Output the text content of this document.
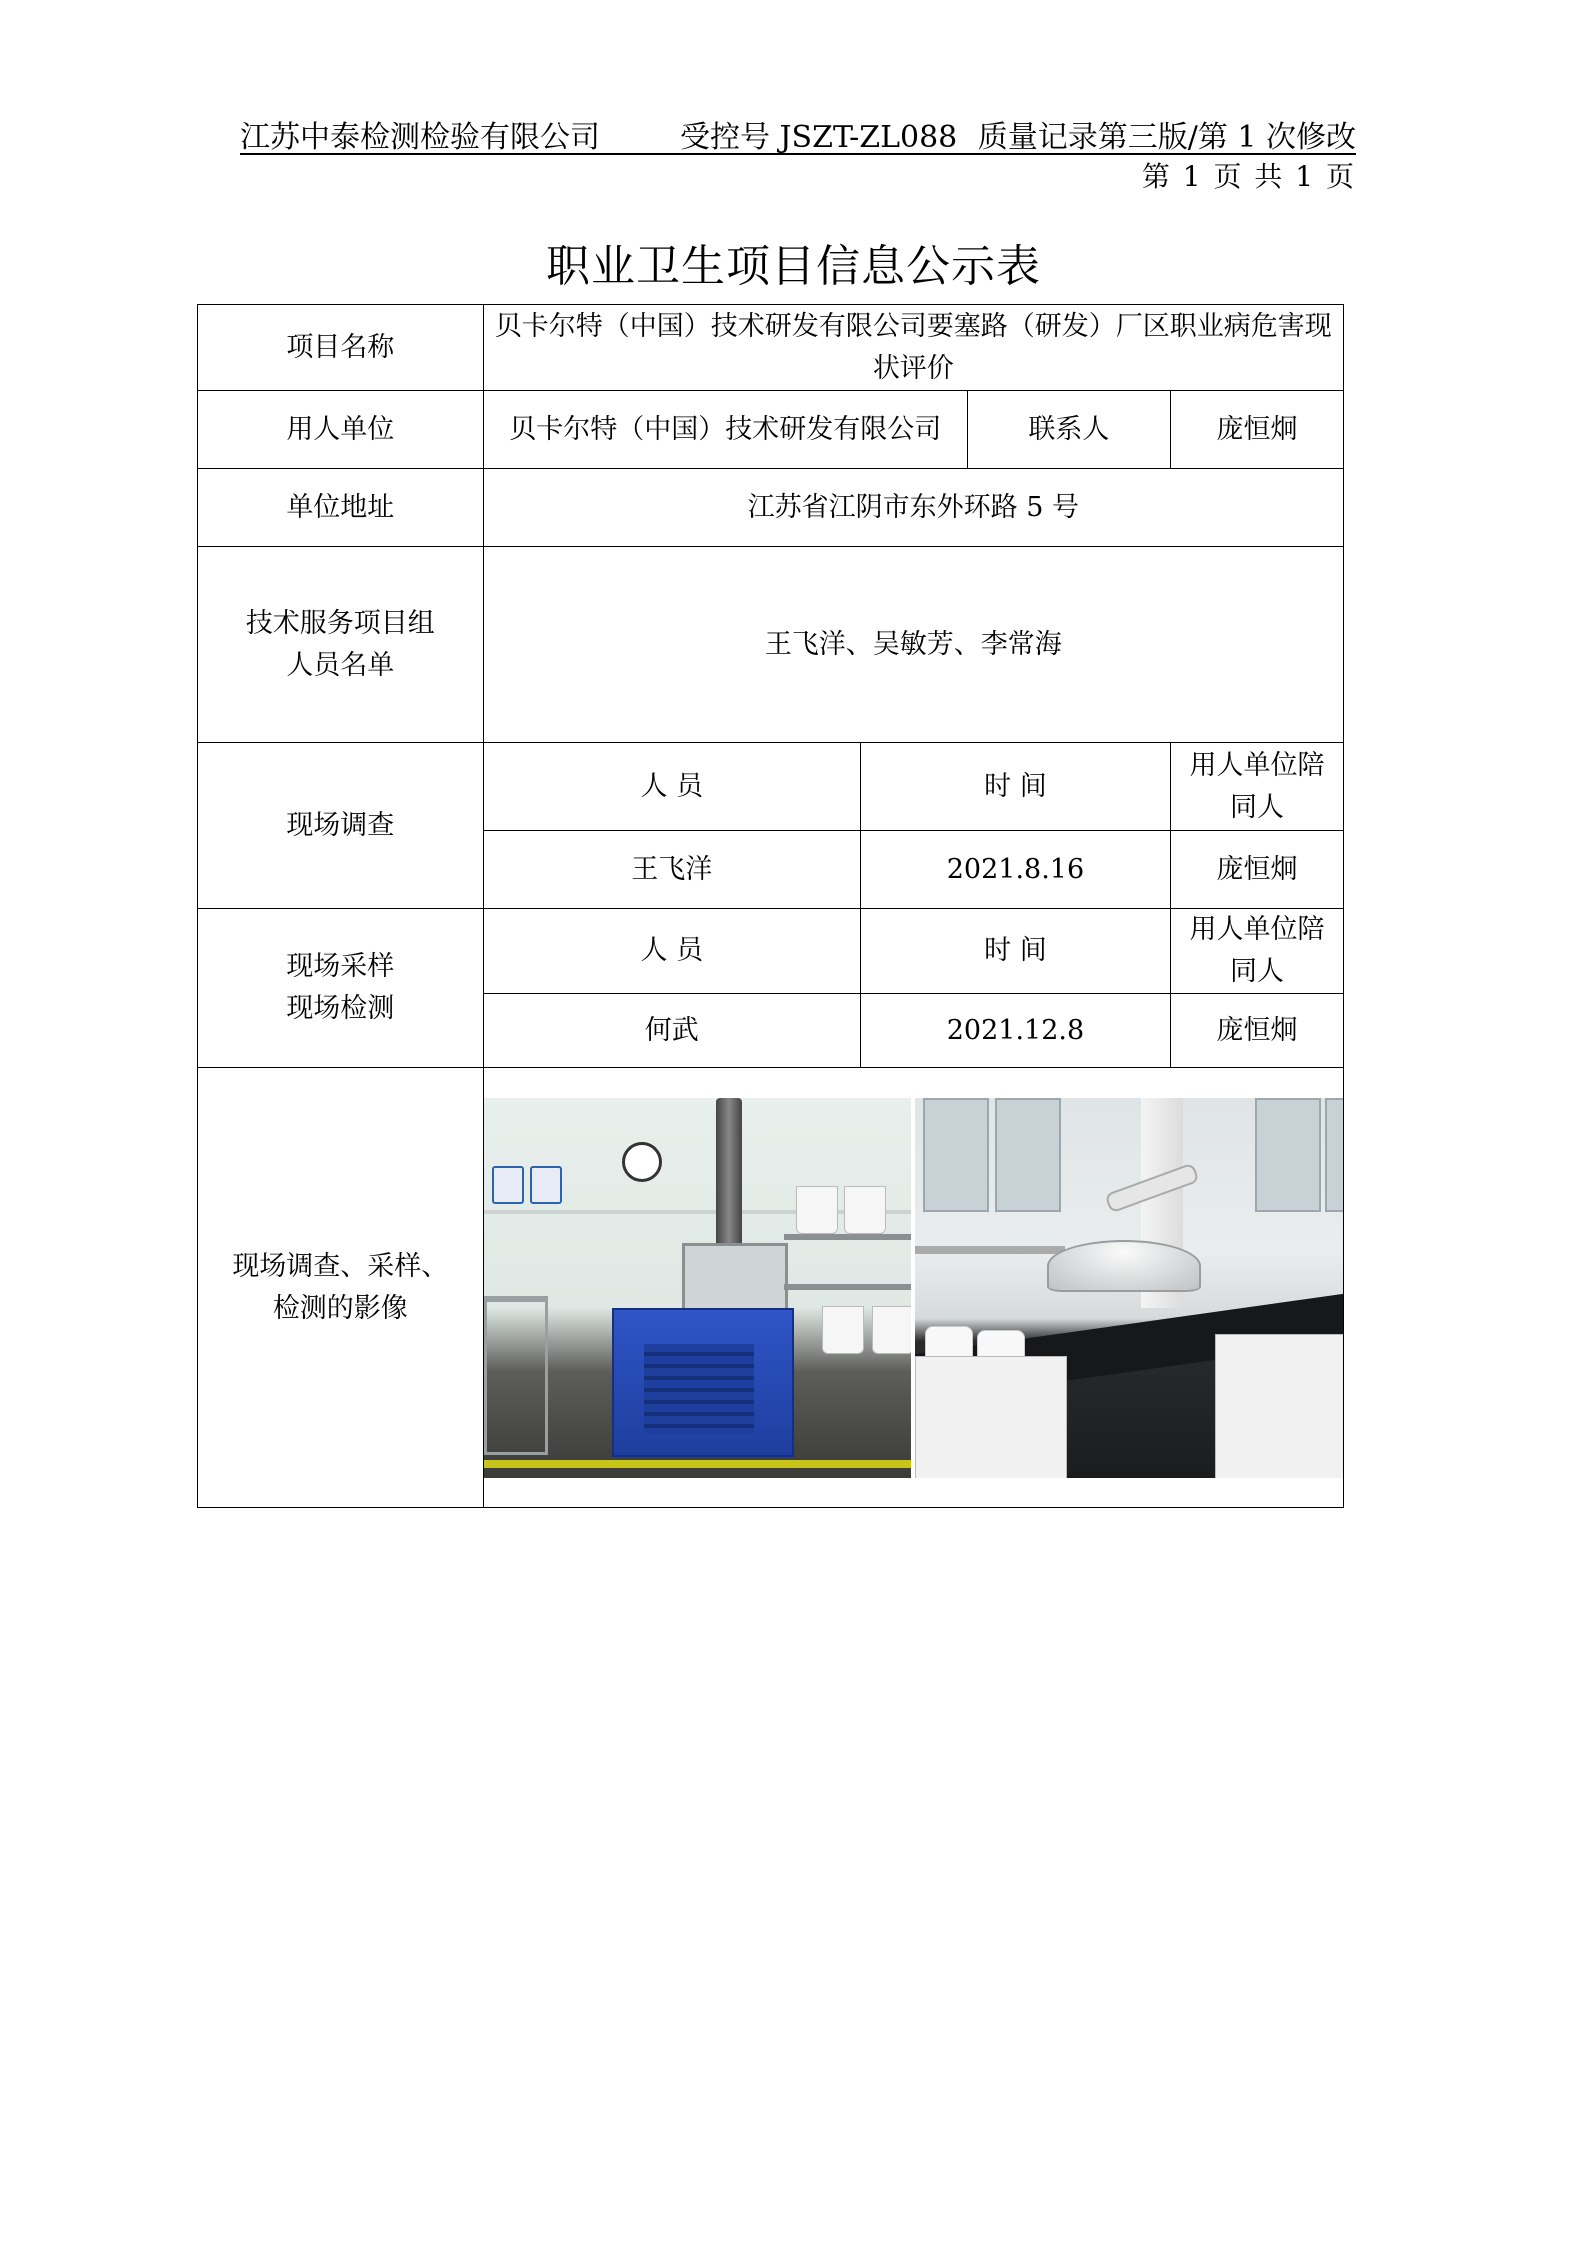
江苏中泰检测检验有限公司	受控号 JSZT-ZL088 质量记录第三版/第 1 次修改
第 1 页 共 1 页
职业卫生项目信息公示表
项目名称	贝卡尔特（中国）技术研发有限公司要塞路（研发）厂区职业病危害现状评价			
用人单位	贝卡尔特（中国）技术研发有限公司		联系人	庞恒炯
单位地址	江苏省江阴市东外环路 5 号			

技术服务项目组
人员名单	王飞洋、吴敏芳、李常海			
现场调查	人 员	时 间		用人单位陪同人
	王飞洋	2021.8.16		庞恒炯

现场采样
现场检测	人 员	时 间		用人单位陪同人
	何武	2021.12.8		庞恒炯

现场调查、采样、
检测的影像				
